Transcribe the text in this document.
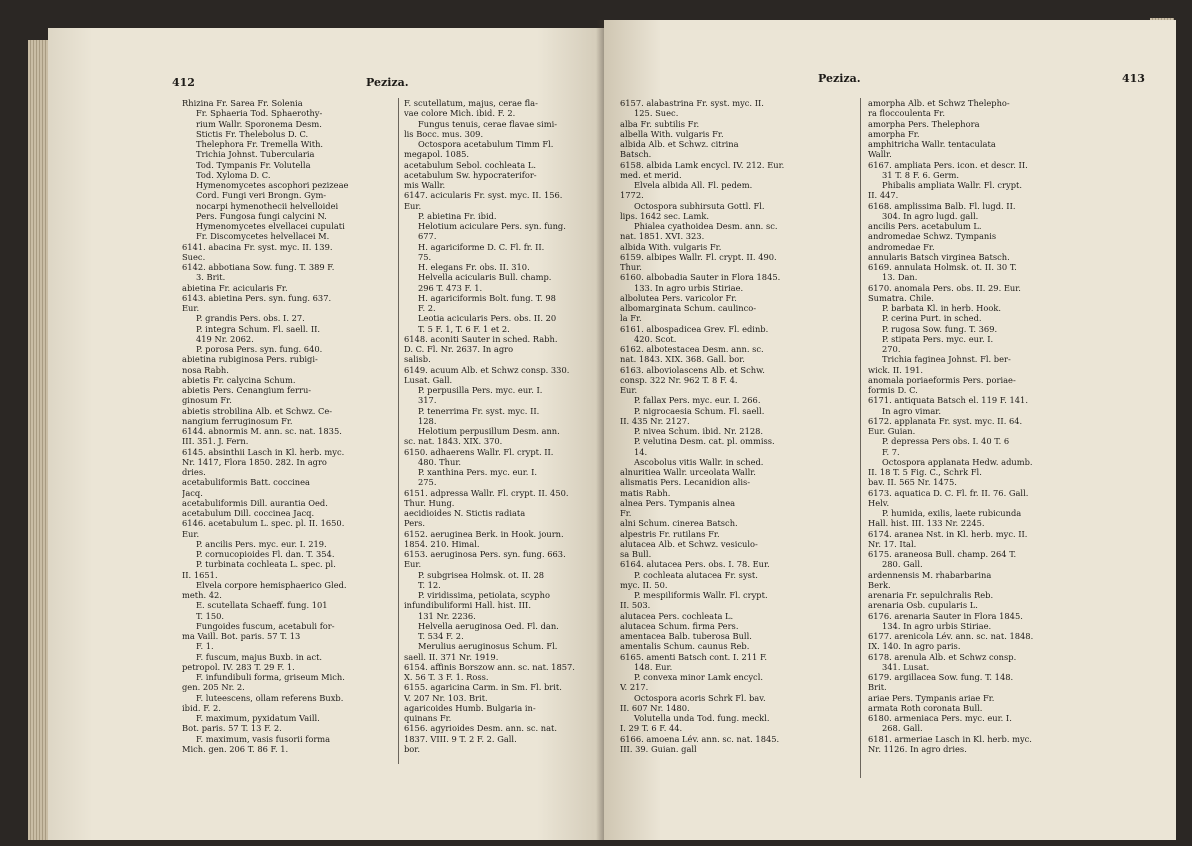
412	Peziza.
Rhizina Fr. Sarea Fr. Solenia
Fr. Sphaeria Tod. Sphaerothy-
rium Wallr. Sporonema Desm.
Stictis Fr. Thelebolus D. C.
Thelephora Fr. Tremella With.
Trichia Johnst. Tubercularia
Tod. Tympanis Fr. Volutella
Tod. Xyloma D. C.
Hymenomycetes ascophori pezizeae
Cord. Fungi veri Brongn. Gym-
nocarpi hymenothecii helvelloidei
Pers. Fungosa fungi calycini N.
Hymenomycetes elvellacei cupulati
Fr. Discomycetes helvellacei M.
6141. abacina Fr. syst. myc. II. 139.
Suec.
6142. abbotiana Sow. fung. T. 389 F.
3. Brit.
abietina Fr. acicularis Fr.
6143. abietina Pers. syn. fung. 637.
Eur.
P. grandis Pers. obs. I. 27.
P. integra Schum. Fl. saell. II.
419 Nr. 2062.
P. porosa Pers. syn. fung. 640.
abietina rubiginosa Pers. rubigi-
nosa Rabh.
abietis Fr. calycina Schum.
abietis Pers. Cenangium ferru-
ginosum Fr.
abietis strobilina Alb. et Schwz. Ce-
nangium ferruginosum Fr.
6144. abnormis M. ann. sc. nat. 1835.
III. 351. J. Fern.
6145. absinthii Lasch in Kl. herb. myc.
Nr. 1417, Flora 1850. 282. In agro
dries.
acetabuliformis Batt. coccinea
Jacq.
acetabuliformis Dill. aurantia Oed.
acetabulum Dill. coccinea Jacq.
6146. acetabulum L. spec. pl. II. 1650.
Eur.
P. ancilis Pers. myc. eur. I. 219.
P. cornucopioides Fl. dan. T. 354.
P. turbinata cochleata L. spec. pl.
II. 1651.
Elvela corpore hemisphaerico Gled.
meth. 42.
E. scutellata Schaeff. fung. 101
T. 150.
Fungoides fuscum, acetabuli for-
ma Vaill. Bot. paris. 57 T. 13
F. 1.
F. fuscum, majus Buxb. in act.
petropol. IV. 283 T. 29 F. 1.
F. infundibuli forma, griseum Mich.
gen. 205 Nr. 2.
F. luteescens, ollam referens Buxb.
ibid. F. 2.
F. maximum, pyxidatum Vaill.
Bot. paris. 57 T. 13 F. 2.
F. maximum, vasis fusorii forma
Mich. gen. 206 T. 86 F. 1.
F. scutellatum, majus, cerae fla-
vae colore Mich. ibid. F. 2.
Fungus tenuis, cerae flavae simi-
lis Bocc. mus. 309.
Octospora acetabulum Timm Fl.
megapol. 1085.
acetabulum Sebol. cochleata L.
acetabulum Sw. hypocraterifor-
mis Wallr.
6147. acicularis Fr. syst. myc. II. 156.
Eur.
P. abietina Fr. ibid.
Helotium aciculare Pers. syn. fung.
677.
H. agariciforme D. C. Fl. fr. II.
75.
H. elegans Fr. obs. II. 310.
Helvella acicularis Bull. champ.
296 T. 473 F. 1.
H. agariciformis Bolt. fung. T. 98
F. 2.
Leotia acicularis Pers. obs. II. 20
T. 5 F. 1, T. 6 F. 1 et 2.
6148. aconiti Sauter in sched. Rabh.
D. C. Fl. Nr. 2637. In agro
salisb.
6149. acuum Alb. et Schwz consp. 330.
Lusat. Gall.
P. perpusilla Pers. myc. eur. I.
317.
P. tenerrima Fr. syst. myc. II.
128.
Helotium perpusillum Desm. ann.
sc. nat. 1843. XIX. 370.
6150. adhaerens Wallr. Fl. crypt. II.
480. Thur.
P. xanthina Pers. myc. eur. I.
275.
6151. adpressa Wallr. Fl. crypt. II. 450.
Thur. Hung.
aecidioides N. Stictis radiata
Pers.
6152. aeruginea Berk. in Hook. journ.
1854. 210. Himal.
6153. aeruginosa Pers. syn. fung. 663.
Eur.
P. subgrisea Holmsk. ot. II. 28
T. 12.
P. viridissima, petiolata, scypho
infundibuliformi Hall. hist. III.
131 Nr. 2236.
Helvella aeruginosa Oed. Fl. dan.
T. 534 F. 2.
Merulius aeruginosus Schum. Fl.
saell. II. 371 Nr. 1919.
6154. affinis Borszow ann. sc. nat. 1857.
X. 56 T. 3 F. 1. Ross.
6155. agaricina Carm. in Sm. Fl. brit.
V. 207 Nr. 103. Brit.
agaricoides Humb. Bulgaria in-
quinans Fr.
6156. agyrioides Desm. ann. sc. nat.
1837. VIII. 9 T. 2 F. 2. Gall.
bor.
Peziza.	413
6157. alabastrina Fr. syst. myc. II.
125. Suec.
alba Fr. subtilis Fr.
albella With. vulgaris Fr.
albida Alb. et Schwz. citrina
Batsch.
6158. albida Lamk encycl. IV. 212. Eur.
med. et merid.
Elvela albida All. Fl. pedem.
1772.
Octospora subhirsuta Gottl. Fl.
lips. 1642 sec. Lamk.
Phialea cyathoidea Desm. ann. sc.
nat. 1851. XVI. 323.
albida With. vulgaris Fr.
6159. albipes Wallr. Fl. crypt. II. 490.
Thur.
6160. albobadia Sauter in Flora 1845.
133. In agro urbis Stiriae.
albolutea Pers. varicolor Fr.
albomarginata Schum. caulinco-
la Fr.
6161. albospadicea Grev. Fl. edinb.
420. Scot.
6162. albotestacea Desm. ann. sc.
nat. 1843. XIX. 368. Gall. bor.
6163. alboviolascens Alb. et Schw.
consp. 322 Nr. 962 T. 8 F. 4.
Eur.
P. fallax Pers. myc. eur. I. 266.
P. nigrocaesia Schum. Fl. saell.
II. 435 Nr. 2127.
P. nivea Schum. ibid. Nr. 2128.
P. velutina Desm. cat. pl. ommiss.
14.
Ascobolus vitis Wallr. in sched.
alnuritiea Wallr. urceolata Wallr.
alismatis Pers. Lecanidion alis-
matis Rabh.
alnea Pers. Tympanis alnea
Fr.
alni Schum. cinerea Batsch.
alpestris Fr. rutilans Fr.
alutacea Alb. et Schwz. vesiculo-
sa Bull.
6164. alutacea Pers. obs. I. 78. Eur.
P. cochleata alutacea Fr. syst.
myc. II. 50.
P. mespiliformis Wallr. Fl. crypt.
II. 503.
alutacea Pers. cochleata L.
alutacea Schum. firma Pers.
amentacea Balb. tuberosa Bull.
amentalis Schum. caunus Reb.
6165. amenti Batsch cont. I. 211 F.
148. Eur.
P. convexa minor Lamk encycl.
V. 217.
Octospora acoris Schrk Fl. bav.
II. 607 Nr. 1480.
Volutella unda Tod. fung. meckl.
I. 29 T. 6 F. 44.
6166. amoena Lév. ann. sc. nat. 1845.
III. 39. Guian. gall
amorpha Alb. et Schwz Thelepho-
ra floccoulenta Fr.
amorpha Pers. Thelephora
amorpha Fr.
amphitricha Wallr. tentaculata
Wallr.
6167. ampliata Pers. icon. et descr. II.
31 T. 8 F. 6. Germ.
Phibalis ampliata Wallr. Fl. crypt.
II. 447.
6168. amplissima Balb. Fl. lugd. II.
304. In agro lugd. gall.
ancilis Pers. acetabulum L.
andromedae Schwz. Tympanis
andromedae Fr.
annularis Batsch virginea Batsch.
6169. annulata Holmsk. ot. II. 30 T.
13. Dan.
6170. anomala Pers. obs. II. 29. Eur.
Sumatra. Chile.
P. barbata Kl. in herb. Hook.
P. cerina Purt. in sched.
P. rugosa Sow. fung. T. 369.
P. stipata Pers. myc. eur. I.
270.
Trichia faginea Johnst. Fl. ber-
wick. II. 191.
anomala poriaeformis Pers. poriae-
formis D. C.
6171. antiquata Batsch el. 119 F. 141.
In agro vimar.
6172. applanata Fr. syst. myc. II. 64.
Eur. Guian.
P. depressa Pers obs. I. 40 T. 6
F. 7.
Octospora applanata Hedw. adumb.
II. 18 T. 5 Fig. C., Schrk Fl.
bav. II. 565 Nr. 1475.
6173. aquatica D. C. Fl. fr. II. 76. Gall.
Helv.
P. humida, exilis, laete rubicunda
Hall. hist. III. 133 Nr. 2245.
6174. aranea Nst. in Kl. herb. myc. II.
Nr. 17. Ital.
6175. araneosa Bull. champ. 264 T.
280. Gall.
ardennensis M. rhabarbarina
Berk.
arenaria Fr. sepulchralis Reb.
arenaria Osb. cupularis L.
6176. arenaria Sauter in Flora 1845.
134. In agro urbis Stiriae.
6177. arenicola Lév. ann. sc. nat. 1848.
IX. 140. In agro paris.
6178. arenula Alb. et Schwz consp.
341. Lusat.
6179. argillacea Sow. fung. T. 148.
Brit.
ariae Pers. Tympanis ariae Fr.
armata Roth coronata Bull.
6180. armeniaca Pers. myc. eur. I.
268. Gall.
6181. armeriae Lasch in Kl. herb. myc.
Nr. 1126. In agro dries.
